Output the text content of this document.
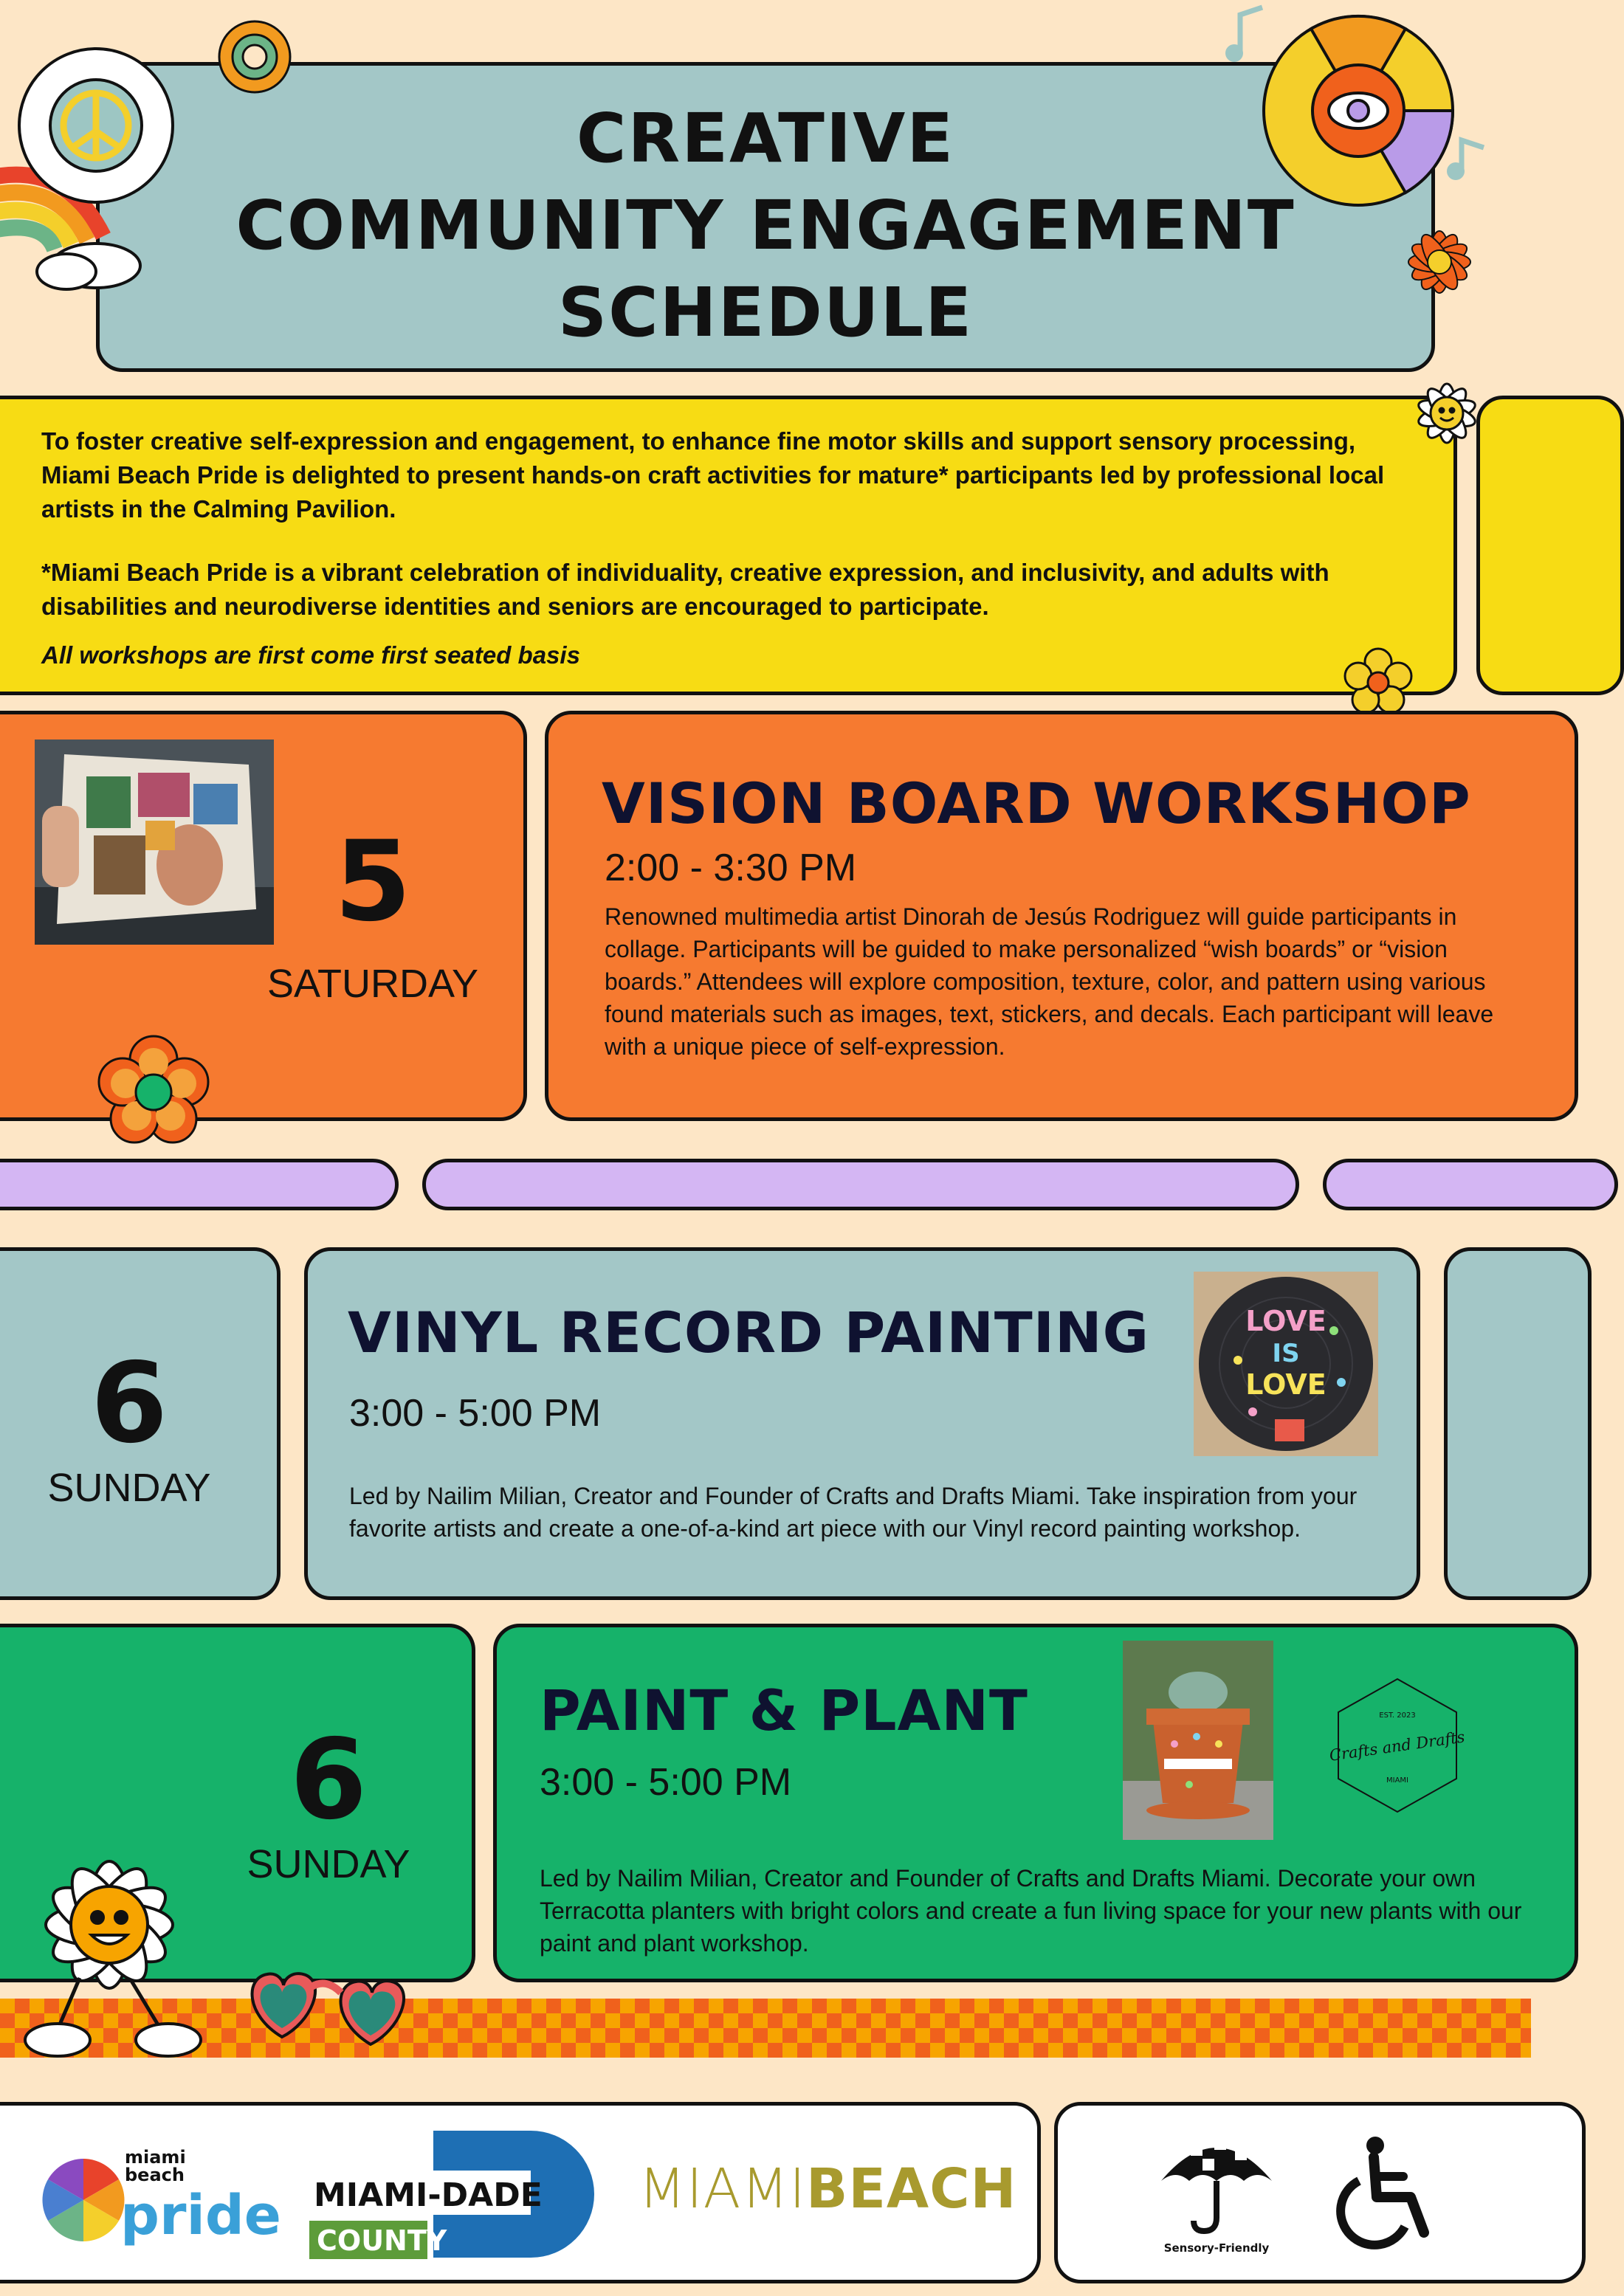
CREATIVE
COMMUNITY ENGAGEMENT
SCHEDULE
To foster creative self-expression and engagement, to enhance fine motor skills and support sensory processing, Miami Beach Pride is delighted to present hands-on craft activities for mature* participants led by professional local artists in the Calming Pavilion.
*Miami Beach Pride is a vibrant celebration of individuality, creative expression, and inclusivity, and adults with disabilities and neurodiverse identities and seniors are encouraged to participate.
All workshops are first come first seated basis
5
SATURDAY
VISION BOARD WORKSHOP
2:00 - 3:30 PM
Renowned multimedia artist Dinorah de Jesús Rodriguez will guide participants in collage. Participants will be guided to make personalized “wish boards” or “vision boards.” Attendees will explore composition, texture, color, and pattern using various found materials such as images, text, stickers, and decals. Each participant will leave with a unique piece of self-expression.
6
SUNDAY
VINYL RECORD PAINTING
3:00 - 5:00 PM
Led by Nailim Milian, Creator and Founder of Crafts and Drafts Miami. Take inspiration from your favorite artists and create a one-of-a-kind art piece with our Vinyl record painting workshop.
LOVE
IS
LOVE
6
SUNDAY
PAINT & PLANT
3:00 - 5:00 PM
Led by Nailim Milian, Creator and Founder of Crafts and Drafts Miami. Decorate your own Terracotta planters with bright colors and create a fun living space for your new plants with our paint and plant workshop.
EST. 2023
Crafts and Drafts
MIAMI
miami
beach
pride MIAMI-DADE
COUNTY
MIAMIBEACH
Sensory-Friendly
